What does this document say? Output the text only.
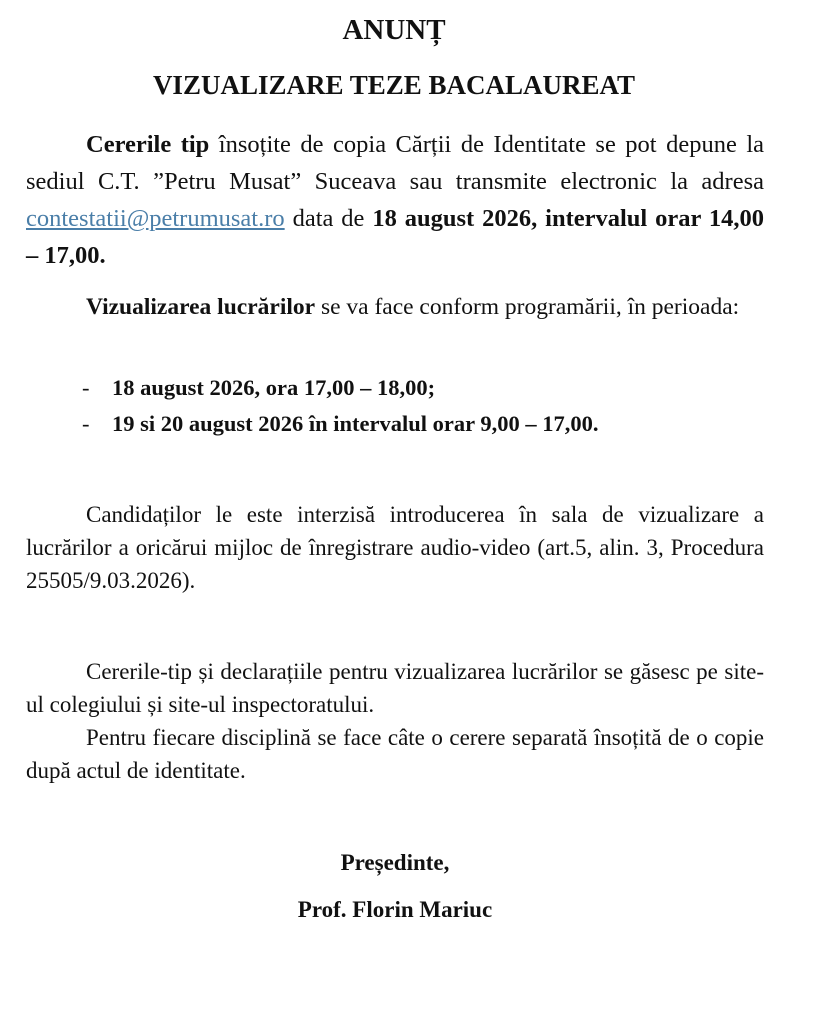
ANUNȚ
VIZUALIZARE TEZE BACALAUREAT

Cererile tip însoțite de copia Cărții de Identitate se pot depune la sediul C.T. ”Petru Musat” Suceava sau transmite electronic la adresa contestatii@petrumusat.ro data de 18 august 2026, intervalul orar 14,00 – 17,00.

Vizualizarea lucrărilor se va face conform programării, în perioada:

- 18 august 2026, ora 17,00 – 18,00;
- 19 si 20 august 2026 în intervalul orar 9,00 – 17,00.

Candidaților le este interzisă introducerea în sala de vizualizare a lucrărilor a oricărui mijloc de înregistrare audio-video (art.5, alin. 3, Procedura 25505/9.03.2026).

Cererile-tip și declarațiile pentru vizualizarea lucrărilor se găsesc pe site-ul colegiului și site-ul inspectoratului.
Pentru fiecare disciplină se face câte o cerere separată însoțită de o copie după actul de identitate.

Președinte,

Prof. Florin Mariuc
